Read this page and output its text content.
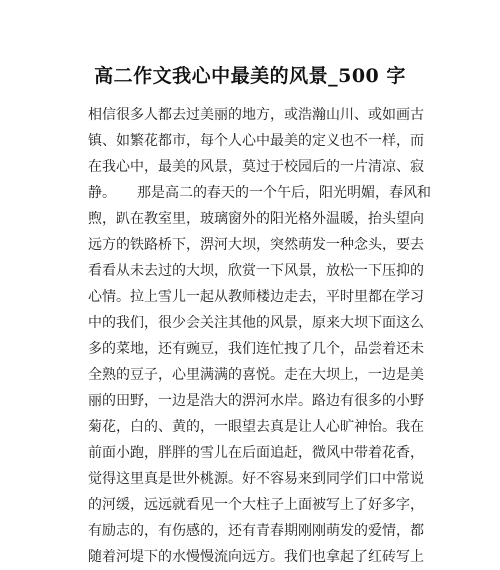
高二作文我心中最美的风景_500 字
相信很多人都去过美丽的地方，或浩瀚山川、或如画古
镇、如繁花都市，每个人心中最美的定义也不一样，而
在我心中，最美的风景，莫过于校园后的一片清凉、寂
静。　　那是高二的春天的一个午后，阳光明媚，春风和
煦，趴在教室里，玻璃窗外的阳光格外温暖，抬头望向
远方的铁路桥下，淠河大坝，突然萌发一种念头，要去
看看从未去过的大坝，欣赏一下风景，放松一下压抑的
心情。拉上雪儿一起从教师楼边走去，平时里都在学习
中的我们，很少会关注其他的风景，原来大坝下面这么
多的菜地，还有豌豆，我们连忙拽了几个，品尝着还未
全熟的豆子，心里满满的喜悦。走在大坝上，一边是美
丽的田野，一边是浩大的淠河水岸。路边有很多的小野
菊花，白的、黄的，一眼望去真是让人心旷神怡。我在
前面小跑，胖胖的雪儿在后面追赶，微风中带着花香，
觉得这里真是世外桃源。好不容易来到同学们口中常说
的河缓，远远就看见一个大柱子上面被写上了好多字，
有励志的，有伤感的，还有青春期刚刚萌发的爱情，都
随着河堤下的水慢慢流向远方。我们也拿起了红砖写上
